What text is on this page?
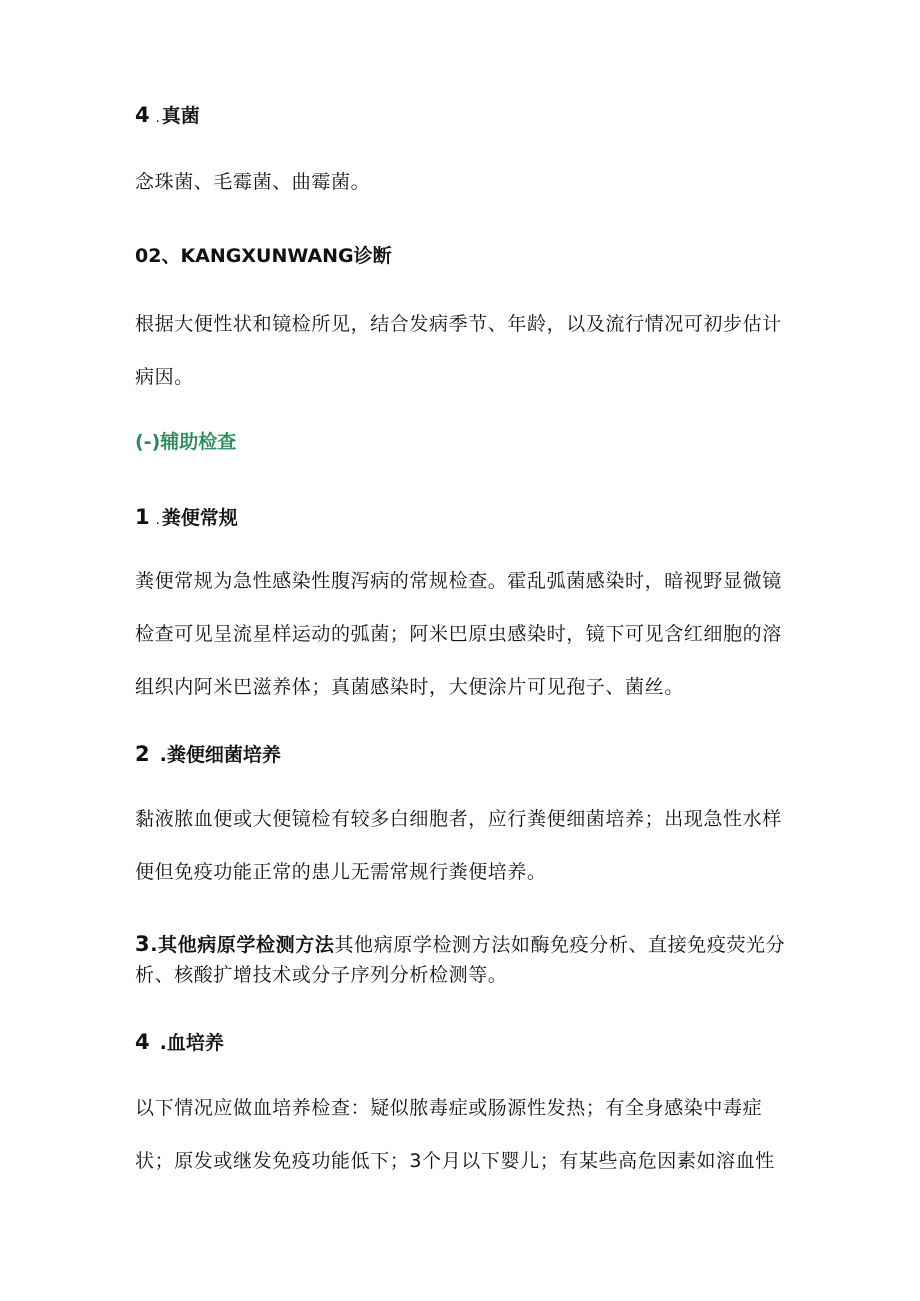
4 . 真菌

念珠菌、毛霉菌、曲霉菌。

02、KANGXUNWANG诊断

根据大便性状和镜检所见，结合发病季节、年龄，以及流行情况可初步估计病因。

(-)辅助检查
1 . 粪便常规

粪便常规为急性感染性腹泻病的常规检查。霍乱弧菌感染时，暗视野显微镜检查可见呈流星样运动的弧菌；阿米巴原虫感染时，镜下可见含红细胞的溶组织内阿米巴滋养体；真菌感染时，大便涂片可见孢子、菌丝。

2 .粪便细菌培养

黏液脓血便或大便镜检有较多白细胞者，应行粪便细菌培养；出现急性水样便但免疫功能正常的患儿无需常规行粪便培养。

3.其他病原学检测方法其他病原学检测方法如酶免疫分析、直接免疫荧光分析、核酸扩增技术或分子序列分析检测等。
4 .血培养

以下情况应做血培养检查：疑似脓毒症或肠源性发热；有全身感染中毒症状；原发或继发免疫功能低下；3个月以下婴儿；有某些高危因素如溶血性
